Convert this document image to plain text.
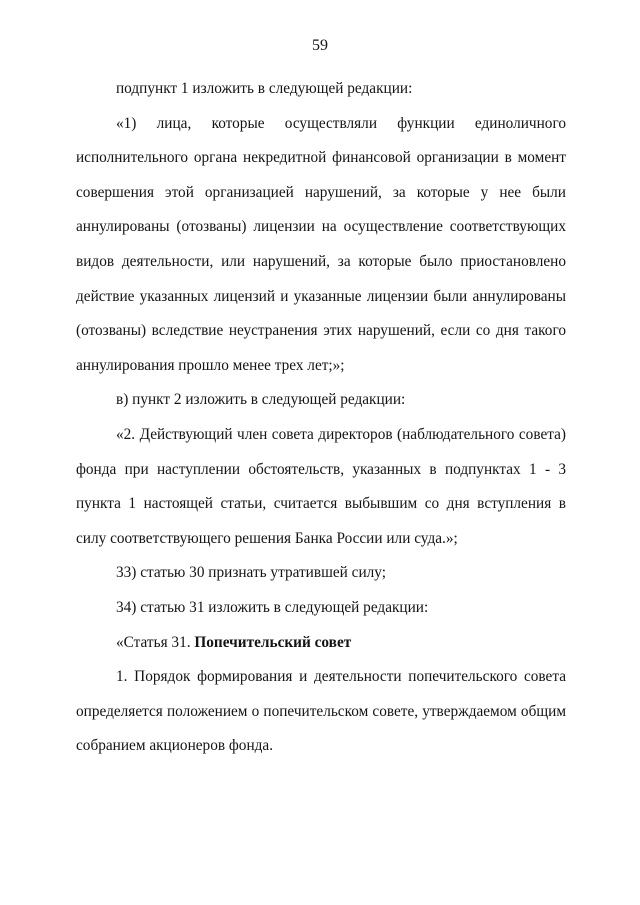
59

подпункт 1 изложить в следующей редакции:

«1) лица, которые осуществляли функции единоличного исполнительного органа некредитной финансовой организации в момент совершения этой организацией нарушений, за которые у нее были аннулированы (отозваны) лицензии на осуществление соответствующих видов деятельности, или нарушений, за которые было приостановлено действие указанных лицензий и указанные лицензии были аннулированы (отозваны) вследствие неустранения этих нарушений, если со дня такого аннулирования прошло менее трех лет;»;

в) пункт 2 изложить в следующей редакции:

«2. Действующий член совета директоров (наблюдательного совета) фонда при наступлении обстоятельств, указанных в подпунктах 1 - 3 пункта 1 настоящей статьи, считается выбывшим со дня вступления в силу соответствующего решения Банка России или суда.»;

33) статью 30 признать утратившей силу;

34) статью 31 изложить в следующей редакции:

«Статья 31. Попечительский совет

1. Порядок формирования и деятельности попечительского совета определяется положением о попечительском совете, утверждаемом общим собранием акционеров фонда.
